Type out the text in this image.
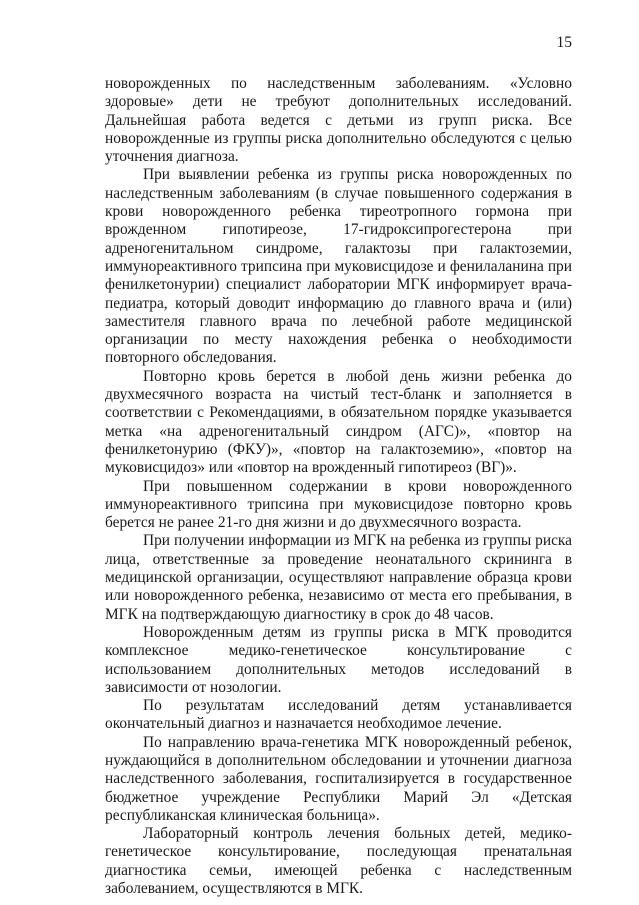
15

новорожденных по наследственным заболеваниям. «Условно здоровые» дети не требуют дополнительных исследований. Дальнейшая работа ведется с детьми из групп риска. Все новорожденные из группы риска дополнительно обследуются с целью уточнения диагноза.

При выявлении ребенка из группы риска новорожденных по наследственным заболеваниям (в случае повышенного содержания в крови новорожденного ребенка тиреотропного гормона при врожденном гипотиреозе, 17-гидроксипрогестерона при адреногенитальном синдроме, галактозы при галактоземии, иммунореактивного трипсина при муковисцидозе и фенилаланина при фенилкетонурии) специалист лаборатории МГК информирует врача-педиатра, который доводит информацию до главного врача и (или) заместителя главного врача по лечебной работе медицинской организации по месту нахождения ребенка о необходимости повторного обследования.

Повторно кровь берется в любой день жизни ребенка до двухмесячного возраста на чистый тест-бланк и заполняется в соответствии с Рекомендациями, в обязательном порядке указывается метка «на адреногенитальный синдром (АГС)», «повтор на фенилкетонурию (ФКУ)», «повтор на галактоземию», «повтор на муковисцидоз» или «повтор на врожденный гипотиреоз (ВГ)».

При повышенном содержании в крови новорожденного иммунореактивного трипсина при муковисцидозе повторно кровь берется не ранее 21-го дня жизни и до двухмесячного возраста.

При получении информации из МГК на ребенка из группы риска лица, ответственные за проведение неонатального скрининга в медицинской организации, осуществляют направление образца крови или новорожденного ребенка, независимо от места его пребывания, в МГК на подтверждающую диагностику в срок до 48 часов.

Новорожденным детям из группы риска в МГК проводится комплексное медико-генетическое консультирование с использованием дополнительных методов исследований в зависимости от нозологии.

По результатам исследований детям устанавливается окончательный диагноз и назначается необходимое лечение.

По направлению врача-генетика МГК новорожденный ребенок, нуждающийся в дополнительном обследовании и уточнении диагноза наследственного заболевания, госпитализируется в государственное бюджетное учреждение Республики Марий Эл «Детская республиканская клиническая больница».

Лабораторный контроль лечения больных детей, медико-генетическое консультирование, последующая пренатальная диагностика семьи, имеющей ребенка с наследственным заболеванием, осуществляются в МГК.
